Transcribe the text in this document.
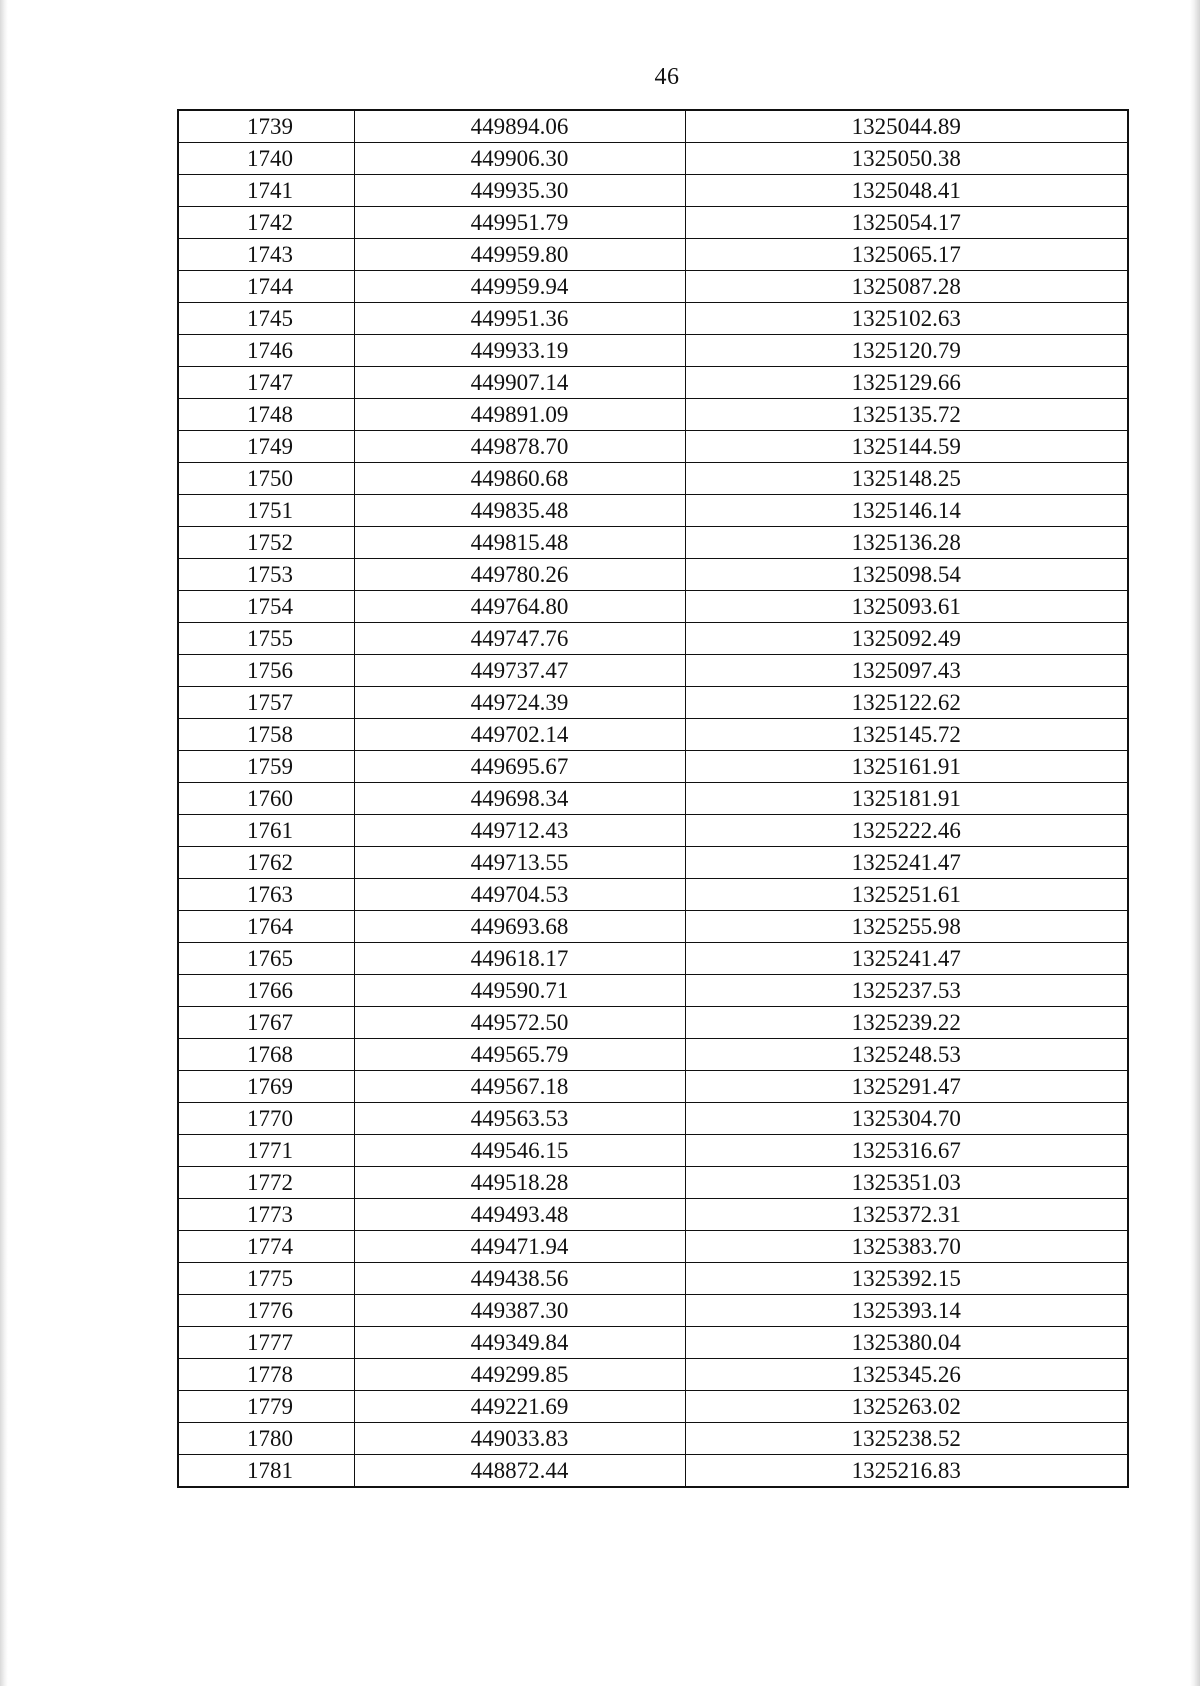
46
1739	449894.06	1325044.89
1740	449906.30	1325050.38
1741	449935.30	1325048.41
1742	449951.79	1325054.17
1743	449959.80	1325065.17
1744	449959.94	1325087.28
1745	449951.36	1325102.63
1746	449933.19	1325120.79
1747	449907.14	1325129.66
1748	449891.09	1325135.72
1749	449878.70	1325144.59
1750	449860.68	1325148.25
1751	449835.48	1325146.14
1752	449815.48	1325136.28
1753	449780.26	1325098.54
1754	449764.80	1325093.61
1755	449747.76	1325092.49
1756	449737.47	1325097.43
1757	449724.39	1325122.62
1758	449702.14	1325145.72
1759	449695.67	1325161.91
1760	449698.34	1325181.91
1761	449712.43	1325222.46
1762	449713.55	1325241.47
1763	449704.53	1325251.61
1764	449693.68	1325255.98
1765	449618.17	1325241.47
1766	449590.71	1325237.53
1767	449572.50	1325239.22
1768	449565.79	1325248.53
1769	449567.18	1325291.47
1770	449563.53	1325304.70
1771	449546.15	1325316.67
1772	449518.28	1325351.03
1773	449493.48	1325372.31
1774	449471.94	1325383.70
1775	449438.56	1325392.15
1776	449387.30	1325393.14
1777	449349.84	1325380.04
1778	449299.85	1325345.26
1779	449221.69	1325263.02
1780	449033.83	1325238.52
1781	448872.44	1325216.83
